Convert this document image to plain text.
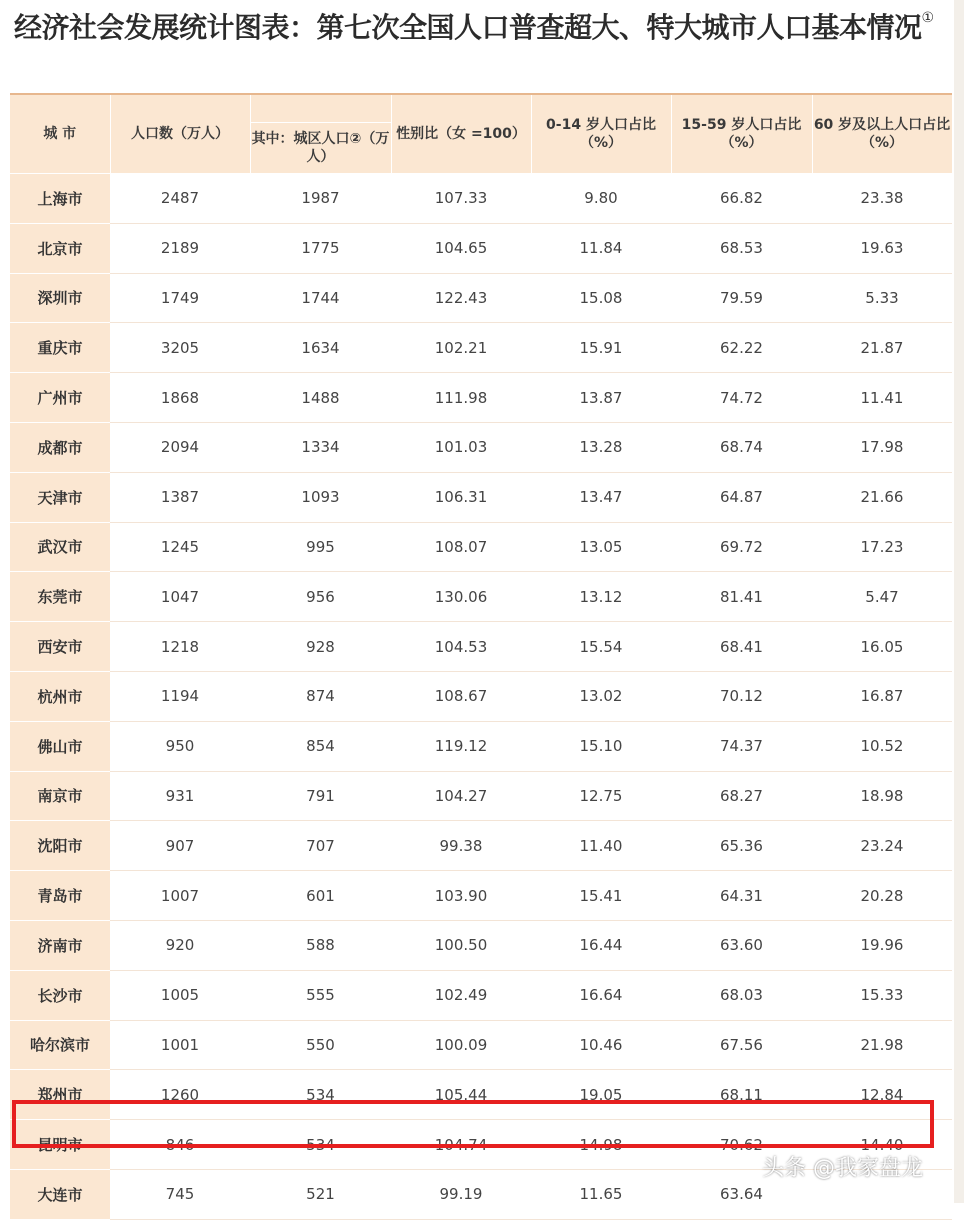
经济社会发展统计图表：第七次全国人口普查超大、特大城市人口基本情况①
城 市	人口数（万人）		性别比（女 =100）	0-14 岁人口占比（%）	15-59 岁人口占比（%）	60 岁及以上人口占比（%）
		其中：城区人口②（万人）				
上海市	2487	1987	107.33	9.80	66.82	23.38
北京市	2189	1775	104.65	11.84	68.53	19.63
深圳市	1749	1744	122.43	15.08	79.59	5.33
重庆市	3205	1634	102.21	15.91	62.22	21.87
广州市	1868	1488	111.98	13.87	74.72	11.41
成都市	2094	1334	101.03	13.28	68.74	17.98
天津市	1387	1093	106.31	13.47	64.87	21.66
武汉市	1245	995	108.07	13.05	69.72	17.23
东莞市	1047	956	130.06	13.12	81.41	5.47
西安市	1218	928	104.53	15.54	68.41	16.05
杭州市	1194	874	108.67	13.02	70.12	16.87
佛山市	950	854	119.12	15.10	74.37	10.52
南京市	931	791	104.27	12.75	68.27	18.98
沈阳市	907	707	99.38	11.40	65.36	23.24
青岛市	1007	601	103.90	15.41	64.31	20.28
济南市	920	588	100.50	16.44	63.60	19.96
长沙市	1005	555	102.49	16.64	68.03	15.33
哈尔滨市	1001	550	100.09	10.46	67.56	21.98
郑州市	1260	534	105.44	19.05	68.11	12.84
昆明市	846	534	104.74	14.98	70.62	14.40
大连市	745	521	99.19	11.65	63.64	
头条 @我家盘龙
